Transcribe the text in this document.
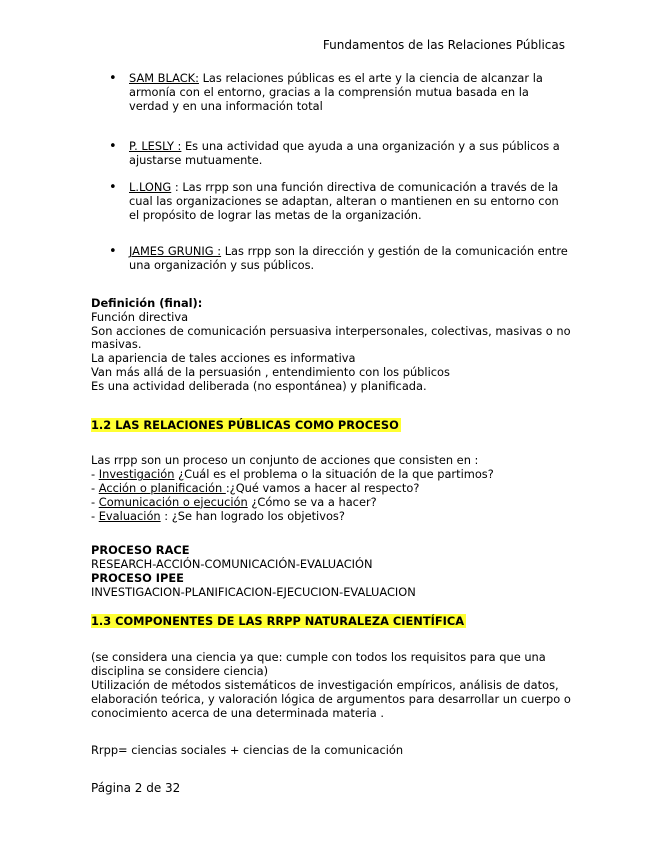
Fundamentos de las Relaciones Públicas
• SAM BLACK: Las relaciones públicas es el arte y la ciencia de alcanzar la armonía con el entorno, gracias a la comprensión mutua basada en la verdad y en una información total
• P. LESLY : Es una actividad que ayuda a una organización y a sus públicos a ajustarse mutuamente.
• L.LONG : Las rrpp son una función directiva de comunicación a través de la cual las organizaciones se adaptan, alteran o mantienen en su entorno con el propósito de lograr las metas de la organización.
• JAMES GRUNIG : Las rrpp son la dirección y gestión de la comunicación entre una organización y sus públicos.
Definición (final):
Función directiva
Son acciones de comunicación persuasiva interpersonales, colectivas, masivas o no masivas.
La apariencia de tales acciones es informativa
Van más allá de la persuasión , entendimiento con los públicos
Es una actividad deliberada (no espontánea) y planificada.
1.2 LAS RELACIONES PÚBLICAS COMO PROCESO
Las rrpp son un proceso un conjunto de acciones que consisten en :
- Investigación ¿Cuál es el problema o la situación de la que partimos?
- Acción o planificación :¿Qué vamos a hacer al respecto?
- Comunicación o ejecución ¿Cómo se va a hacer?
- Evaluación : ¿Se han logrado los objetivos?
PROCESO RACE
RESEARCH-ACCIÓN-COMUNICACIÓN-EVALUACIÓN
PROCESO IPEE
INVESTIGACION-PLANIFICACION-EJECUCION-EVALUACION
1.3 COMPONENTES DE LAS RRPP NATURALEZA CIENTÍFICA
(se considera una ciencia ya que: cumple con todos los requisitos para que una disciplina se considere ciencia)
Utilización de métodos sistemáticos de investigación empíricos, análisis de datos, elaboración teórica, y valoración lógica de argumentos para desarrollar un cuerpo o conocimiento acerca de una determinada materia .
Rrpp= ciencias sociales + ciencias de la comunicación
Página 2 de 32
